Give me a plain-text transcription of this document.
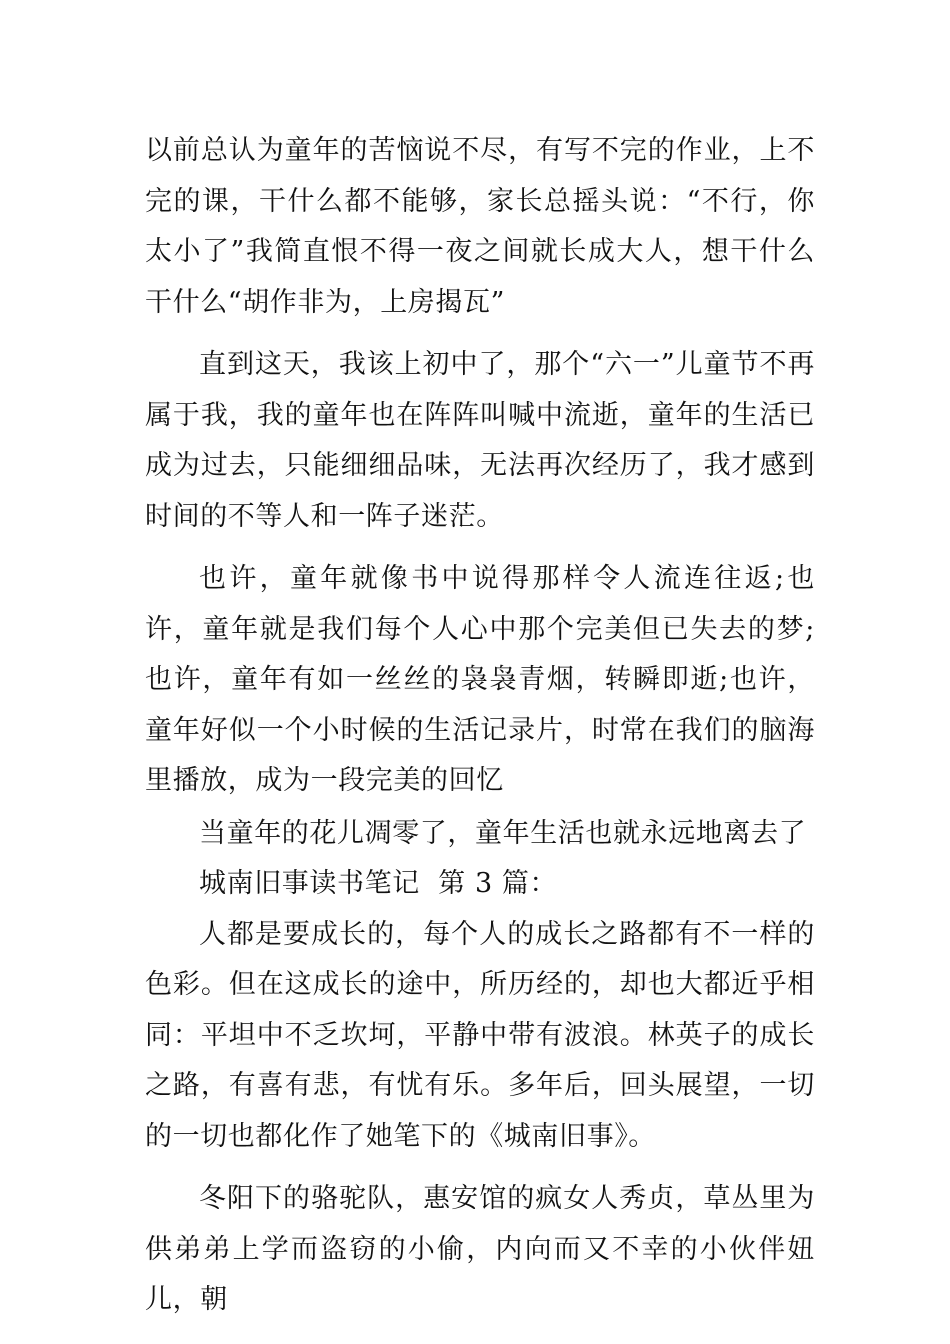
以前总认为童年的苦恼说不尽，有写不完的作业，上不完的课，干什么都不能够，家长总摇头说：“不行，你太小了”我简直恨不得一夜之间就长成大人，想干什么干什么“胡作非为，上房揭瓦”

直到这天，我该上初中了，那个“六一”儿童节不再属于我，我的童年也在阵阵叫喊中流逝，童年的生活已成为过去，只能细细品味，无法再次经历了，我才感到时间的不等人和一阵子迷茫。

也许，童年就像书中说得那样令人流连往返;也许，童年就是我们每个人心中那个完美但已失去的梦;也许，童年有如一丝丝的袅袅青烟，转瞬即逝;也许，童年好似一个小时候的生活记录片，时常在我们的脑海里播放，成为一段完美的回忆

当童年的花儿凋零了，童年生活也就永远地离去了

城南旧事读书笔记  第 3 篇：

人都是要成长的，每个人的成长之路都有不一样的色彩。但在这成长的途中，所历经的，却也大都近乎相同：平坦中不乏坎坷，平静中带有波浪。林英子的成长之路，有喜有悲，有忧有乐。多年后，回头展望，一切的一切也都化作了她笔下的《城南旧事》。

冬阳下的骆驼队，惠安馆的疯女人秀贞，草丛里为供弟弟上学而盗窃的小偷，内向而又不幸的小伙伴妞儿，朝
